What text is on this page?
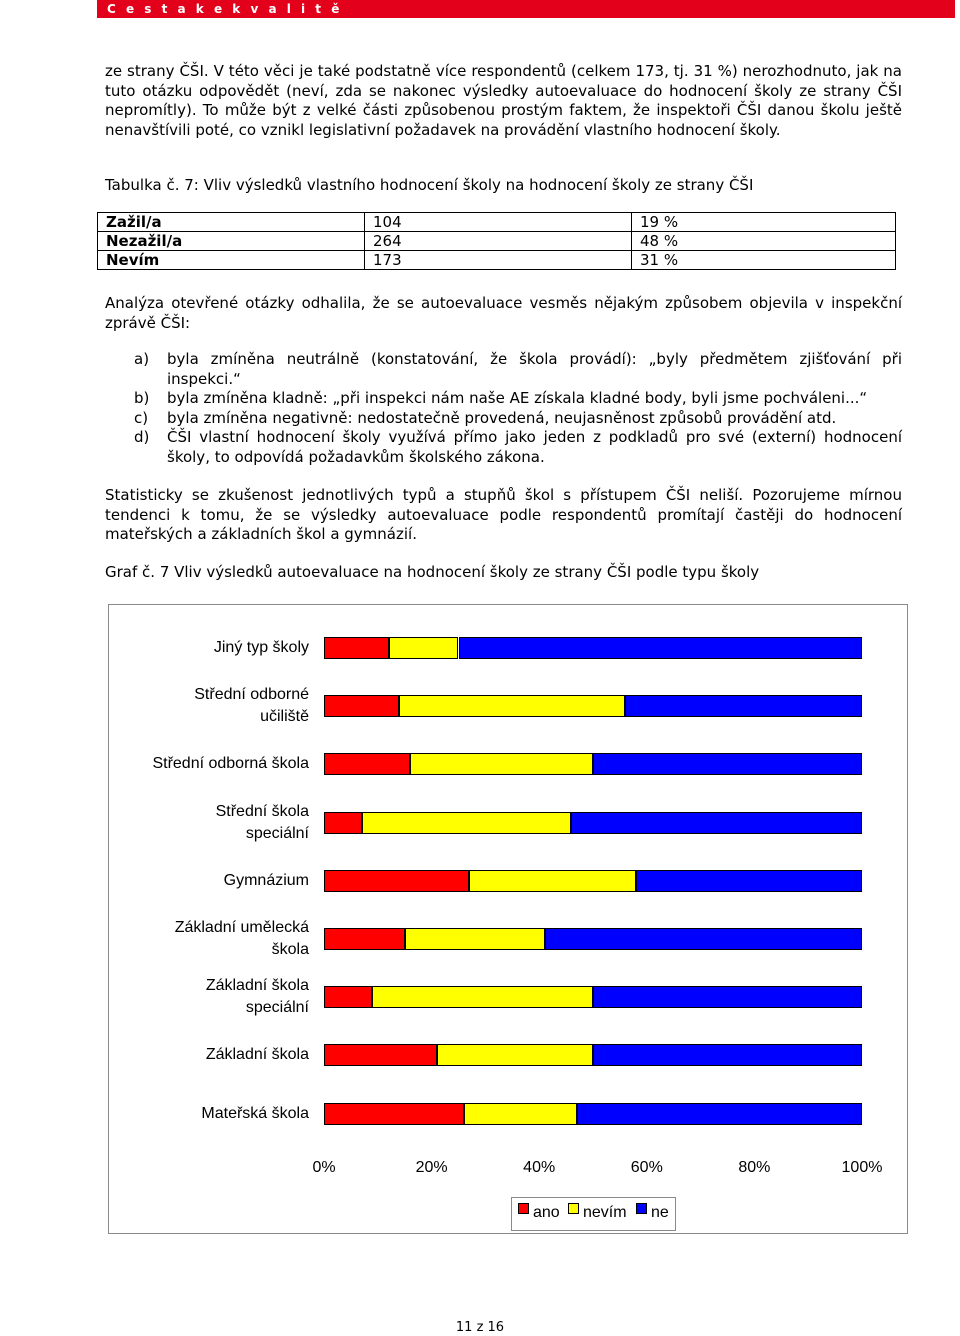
C e s t a k e k v a l i t ě
ze strany ČŠI. V této věci je také podstatně více respondentů (celkem 173, tj. 31 %) nerozhodnuto, jak na tuto otázku odpovědět (neví, zda se nakonec výsledky autoevaluace do hodnocení školy ze strany ČŠI nepromítly). To může být z velké části způsobenou prostým faktem, že inspektoři ČŠI danou školu ještě nenavštívili poté, co vznikl legislativní požadavek na provádění vlastního hodnocení školy.
Tabulka č. 7: Vliv výsledků vlastního hodnocení školy na hodnocení školy ze strany ČŠI
Zažil/a	104	19 %
Nezažil/a	264	48 %
Nevím	173	31 %
Analýza otevřené otázky odhalila, že se autoevaluace vesměs nějakým způsobem objevila v inspekční zprávě ČŠI:
a) byla zmíněna neutrálně (konstatování, že škola provádí): „byly předmětem zjišťování při inspekci.“
b) byla zmíněna kladně: „při inspekci nám naše AE získala kladné body, byli jsme pochváleni...“
c) byla zmíněna negativně: nedostatečně provedená, neujasněnost způsobů provádění atd.
d) ČŠI vlastní hodnocení školy využívá přímo jako jeden z podkladů pro své (externí) hodnocení školy, to odpovídá požadavkům školského zákona.
Statisticky se zkušenost jednotlivých typů a stupňů škol s přístupem ČŠI neliší. Pozorujeme mírnou tendenci k tomu, že se výsledky autoevaluace podle respondentů promítají častěji do hodnocení mateřských a základních škol a gymnázií.
Graf č. 7 Vliv výsledků autoevaluace na hodnocení školy ze strany ČŠI podle typu školy
Jiný typ školy
Střední odborné učiliště
Střední odborná škola
Střední škola speciální
Gymnázium
Základní umělecká škola
Základní škola speciální
Základní škola
Mateřská škola
0%	20%	40%	60%	80%	100%
ano nevím ne
11 z 16
